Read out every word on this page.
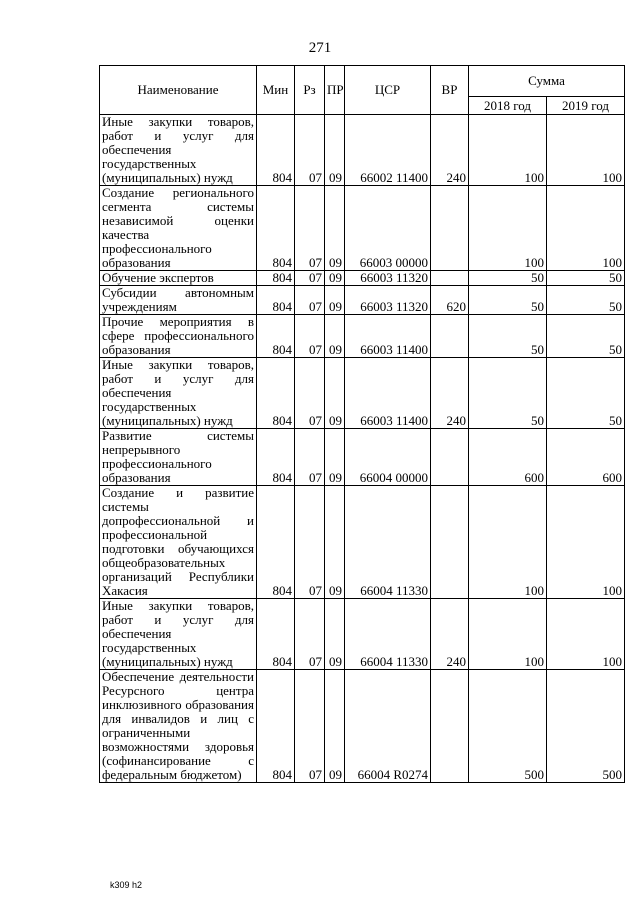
271
Наименование	Мин	Рз	ПР	ЦСР	ВР	Сумма	
						2018 год	2019 год
Иные закупки товаров, работ и услуг для обеспечения государственных (муниципальных) нужд	804	07	09	66002 11400	240	100	100
Создание регионального сегмента системы независимой оценки качества профессионального образования	804	07	09	66003 00000		100	100
Обучение экспертов	804	07	09	66003 11320		50	50
Субсидии автономным учреждениям	804	07	09	66003 11320	620	50	50
Прочие мероприятия в сфере профессионального образования	804	07	09	66003 11400		50	50
Иные закупки товаров, работ и услуг для обеспечения государственных (муниципальных) нужд	804	07	09	66003 11400	240	50	50
Развитие системы непрерывного профессионального образования	804	07	09	66004 00000		600	600
Создание и развитие системы допрофессиональной и профессиональной подготовки обучающихся общеобразовательных организаций Республики Хакасия	804	07	09	66004 11330		100	100
Иные закупки товаров, работ и услуг для обеспечения государственных (муниципальных) нужд	804	07	09	66004 11330	240	100	100
Обеспечение деятельности Ресурсного центра инклюзивного образования для инвалидов и лиц с ограниченными возможностями здоровья (софинансирование с федеральным бюджетом)	804	07	09	66004 R0274		500	500
k309 h2
